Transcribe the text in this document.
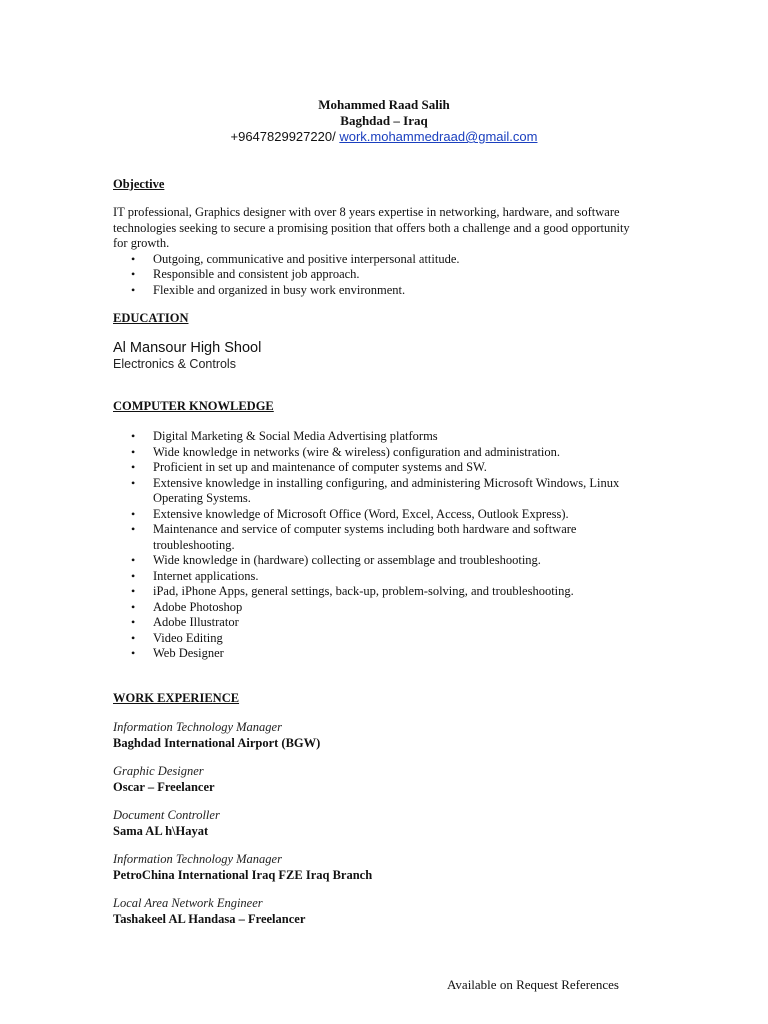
Mohammed Raad Salih
Baghdad – Iraq
+9647829927220/ work.mohammedraad@gmail.com
Objective
IT professional, Graphics designer with over 8 years expertise in networking, hardware, and software technologies seeking to secure a promising position that offers both a challenge and a good opportunity for growth.
• Outgoing, communicative and positive interpersonal attitude.
• Responsible and consistent job approach.
• Flexible and organized in busy work environment.
EDUCATION
Al Mansour High Shool
Electronics & Controls
COMPUTER KNOWLEDGE
• Digital Marketing & Social Media Advertising platforms
• Wide knowledge in networks (wire & wireless) configuration and administration.
• Proficient in set up and maintenance of computer systems and SW.
• Extensive knowledge in installing configuring, and administering Microsoft Windows, Linux Operating Systems.
• Extensive knowledge of Microsoft Office (Word, Excel, Access, Outlook Express).
• Maintenance and service of computer systems including both hardware and software troubleshooting.
• Wide knowledge in (hardware) collecting or assemblage and troubleshooting.
• Internet applications.
• iPad, iPhone Apps, general settings, back-up, problem-solving, and troubleshooting.
• Adobe Photoshop
• Adobe Illustrator
• Video Editing
• Web Designer
WORK EXPERIENCE
Information Technology Manager
Baghdad International Airport (BGW)
Graphic Designer
Oscar – Freelancer
Document Controller
Sama AL h\Hayat
Information Technology Manager
PetroChina International Iraq FZE Iraq Branch
Local Area Network Engineer
Tashakeel AL Handasa – Freelancer
Available on Request References
